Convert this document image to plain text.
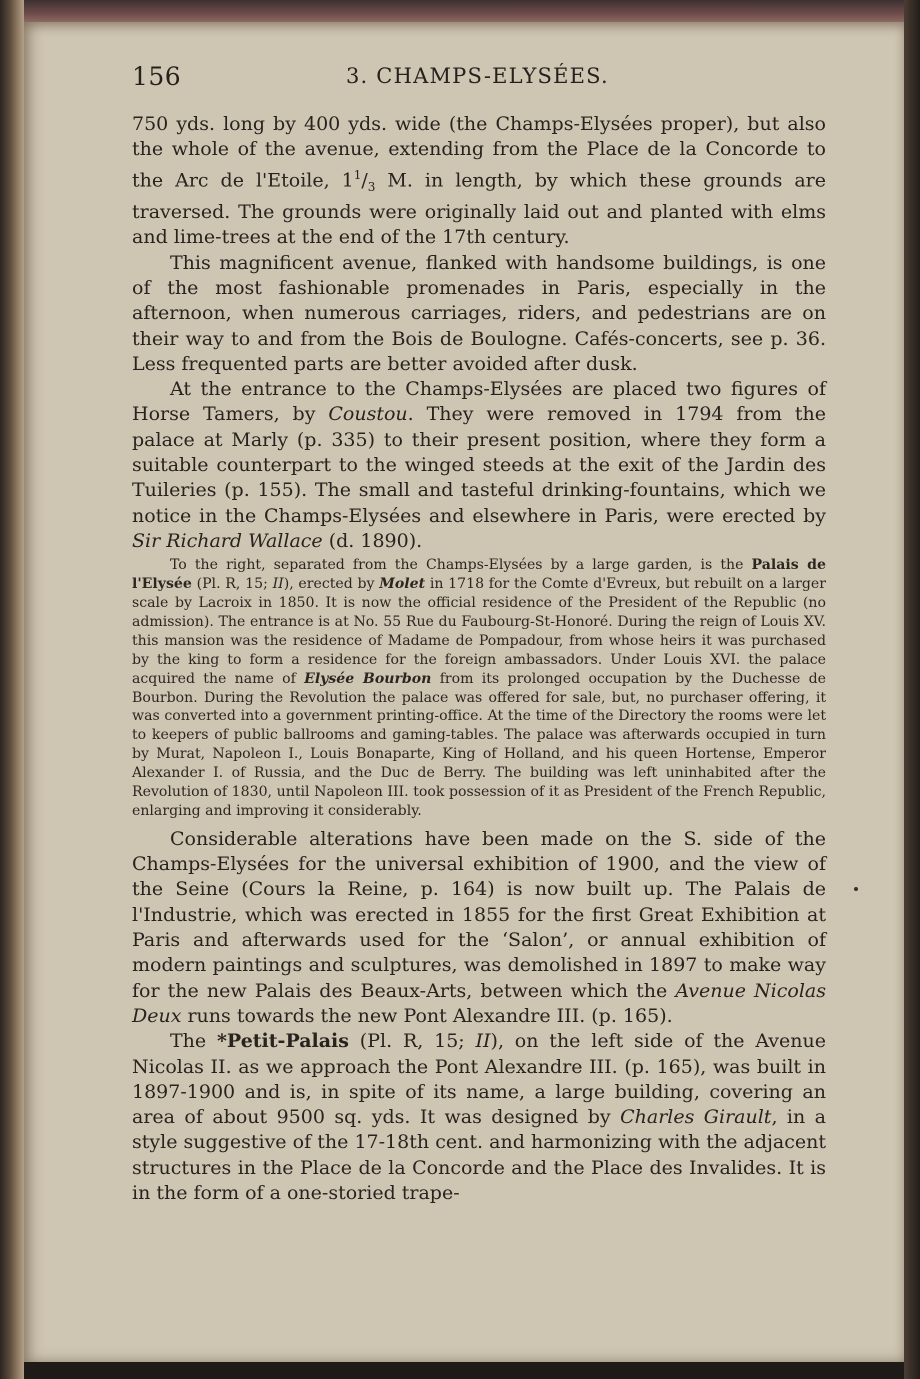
156	3. CHAMPS-ELYSÉES.

750 yds. long by 400 yds. wide (the Champs-Elysées proper), but also the whole of the avenue, extending from the Place de la Concorde to the Arc de l'Etoile, $1^1/_3$ M. in length, by which these grounds are traversed. The grounds were originally laid out and planted with elms and lime-trees at the end of the 17th century.

This magnificent avenue, flanked with handsome buildings, is one of the most fashionable promenades in Paris, especially in the afternoon, when numerous carriages, riders, and pedestrians are on their way to and from the Bois de Boulogne. Cafés-concerts, see p. 36. Less frequented parts are better avoided after dusk.

At the entrance to the Champs-Elysées are placed two figures of Horse Tamers, by Coustou. They were removed in 1794 from the palace at Marly (p. 335) to their present position, where they form a suitable counterpart to the winged steeds at the exit of the Jardin des Tuileries (p. 155). The small and tasteful drinking-fountains, which we notice in the Champs-Elysées and elsewhere in Paris, were erected by Sir Richard Wallace (d. 1890).

To the right, separated from the Champs-Elysées by a large garden, is the Palais de l'Elysée (Pl. R, 15; II), erected by Molet in 1718 for the Comte d'Evreux, but rebuilt on a larger scale by Lacroix in 1850. It is now the official residence of the President of the Republic (no admission). The entrance is at No. 55 Rue du Faubourg-St-Honoré. During the reign of Louis XV. this mansion was the residence of Madame de Pompadour, from whose heirs it was purchased by the king to form a residence for the foreign ambassadors. Under Louis XVI. the palace acquired the name of Elysée Bourbon from its prolonged occupation by the Duchesse de Bourbon. During the Revolution the palace was offered for sale, but, no purchaser offering, it was converted into a government printing-office. At the time of the Directory the rooms were let to keepers of public ballrooms and gaming-tables. The palace was afterwards occupied in turn by Murat, Napoleon I., Louis Bonaparte, King of Holland, and his queen Hortense, Emperor Alexander I. of Russia, and the Duc de Berry. The building was left uninhabited after the Revolution of 1830, until Napoleon III. took possession of it as President of the French Republic, enlarging and improving it considerably.

Considerable alterations have been made on the S. side of the Champs-Elysées for the universal exhibition of 1900, and the view of the Seine (Cours la Reine, p. 164) is now built up. The Palais de l'Industrie, which was erected in 1855 for the first Great Exhibition at Paris and afterwards used for the ‘Salon’, or annual exhibition of modern paintings and sculptures, was demolished in 1897 to make way for the new Palais des Beaux-Arts, between which the Avenue Nicolas Deux runs towards the new Pont Alexandre III. (p. 165).

The *Petit-Palais (Pl. R, 15; II), on the left side of the Avenue Nicolas II. as we approach the Pont Alexandre III. (p. 165), was built in 1897-1900 and is, in spite of its name, a large building, covering an area of about 9500 sq. yds. It was designed by Charles Girault, in a style suggestive of the 17-18th cent. and harmonizing with the adjacent structures in the Place de la Concorde and the Place des Invalides. It is in the form of a one-storied trape-
